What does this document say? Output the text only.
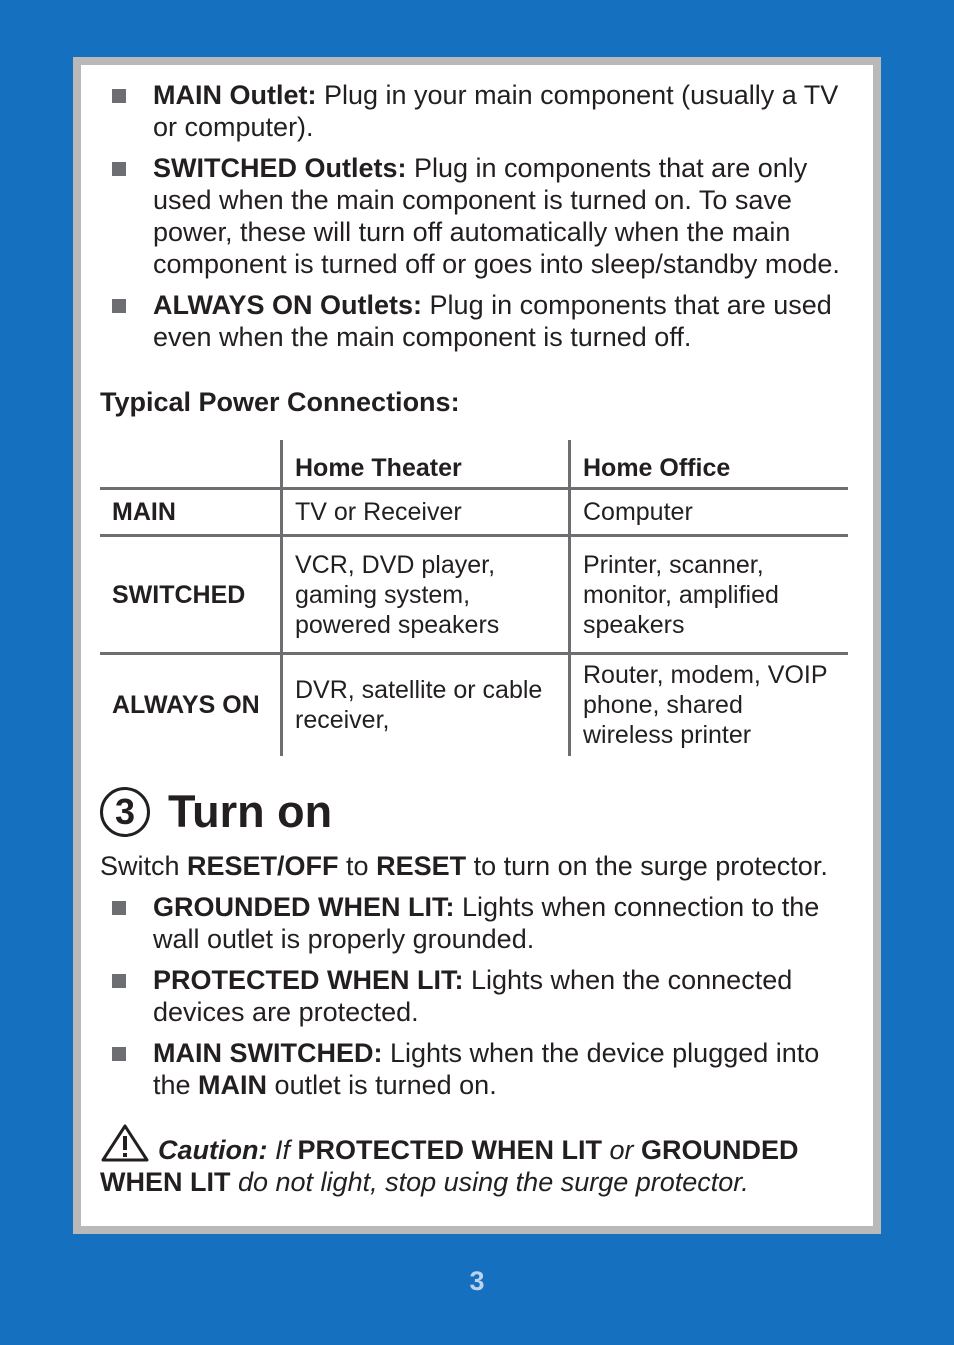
MAIN Outlet: Plug in your main component (usually a TV or computer).
SWITCHED Outlets: Plug in components that are only used when the main component is turned on. To save power, these will turn off automatically when the main component is turned off or goes into sleep/standby mode.
ALWAYS ON Outlets: Plug in components that are used even when the main component is turned off.

Typical Power Connections:

	Home Theater	Home Office
MAIN	TV or Receiver	Computer
SWITCHED	VCR, DVD player, gaming system, powered speakers	Printer, scanner, monitor, amplified speakers
ALWAYS ON	DVR, satellite or cable receiver,	Router, modem, VOIP phone, shared wireless printer
3 Turn on
Switch RESET/OFF to RESET to turn on the surge protector.
GROUNDED WHEN LIT: Lights when connection to the wall outlet is properly grounded.
PROTECTED WHEN LIT: Lights when the connected devices are protected.
MAIN SWITCHED: Lights when the device plugged into the MAIN outlet is turned on.
Caution: If PROTECTED WHEN LIT or GROUNDED WHEN LIT do not light, stop using the surge protector.
3
